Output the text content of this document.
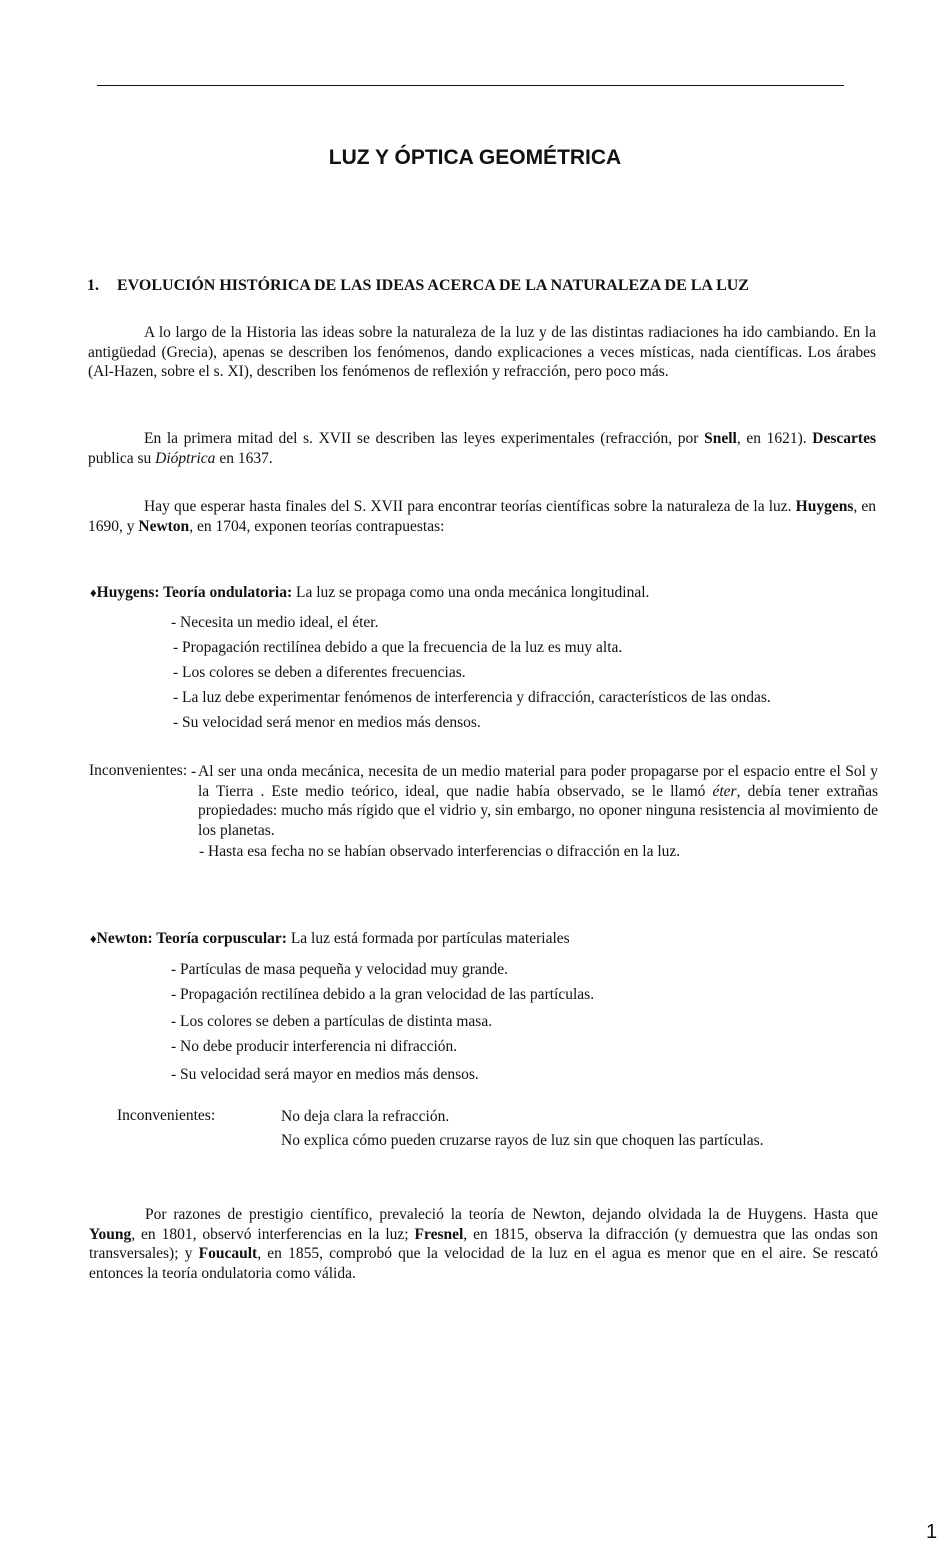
LUZ Y ÓPTICA GEOMÉTRICA
1. EVOLUCIÓN HISTÓRICA DE LAS IDEAS ACERCA DE LA NATURALEZA DE LA LUZ

A lo largo de la Historia las ideas sobre la naturaleza de la luz y de las distintas radiaciones ha ido cambiando. En la antigüedad (Grecia), apenas se describen los fenómenos, dando explicaciones a veces místicas, nada científicas. Los árabes (Al-Hazen, sobre el s. XI), describen los fenómenos de reflexión y refracción, pero poco más.

En la primera mitad del s. XVII se describen las leyes experimentales (refracción, por Snell, en 1621). Descartes publica su Dióptrica en 1637.

Hay que esperar hasta finales del S. XVII para encontrar teorías científicas sobre la naturaleza de la luz. Huygens, en 1690, y Newton, en 1704, exponen teorías contrapuestas:

♦Huygens: Teoría ondulatoria: La luz se propaga como una onda mecánica longitudinal.
- Necesita un medio ideal, el éter.
- Propagación rectilínea debido a que la frecuencia de la luz es muy alta.
- Los colores se deben a diferentes frecuencias.
- La luz debe experimentar fenómenos de interferencia y difracción, característicos de las ondas.
- Su velocidad será menor en medios más densos.
Inconvenientes: - Al ser una onda mecánica, necesita de un medio material para poder propagarse por el espacio entre el Sol y la Tierra . Este medio teórico, ideal, que nadie había observado, se le llamó éter, debía tener extrañas propiedades: mucho más rígido que el vidrio y, sin embargo, no oponer ninguna resistencia al movimiento de los planetas.
- Hasta esa fecha no se habían observado interferencias o difracción en la luz.
♦Newton: Teoría corpuscular: La luz está formada por partículas materiales
- Partículas de masa pequeña y velocidad muy grande.
- Propagación rectilínea debido a la gran velocidad de las partículas.
- Los colores se deben a partículas de distinta masa.
- No debe producir interferencia ni difracción.
- Su velocidad será mayor en medios más densos.
Inconvenientes:	No deja clara la refracción.
No explica cómo pueden cruzarse rayos de luz sin que choquen las partículas.

Por razones de prestigio científico, prevaleció la teoría de Newton, dejando olvidada la de Huygens. Hasta que Young, en 1801, observó interferencias en la luz; Fresnel, en 1815, observa la difracción (y demuestra que las ondas son transversales); y Foucault, en 1855, comprobó que la velocidad de la luz en el agua es menor que en el aire. Se rescató entonces la teoría ondulatoria como válida.

1
